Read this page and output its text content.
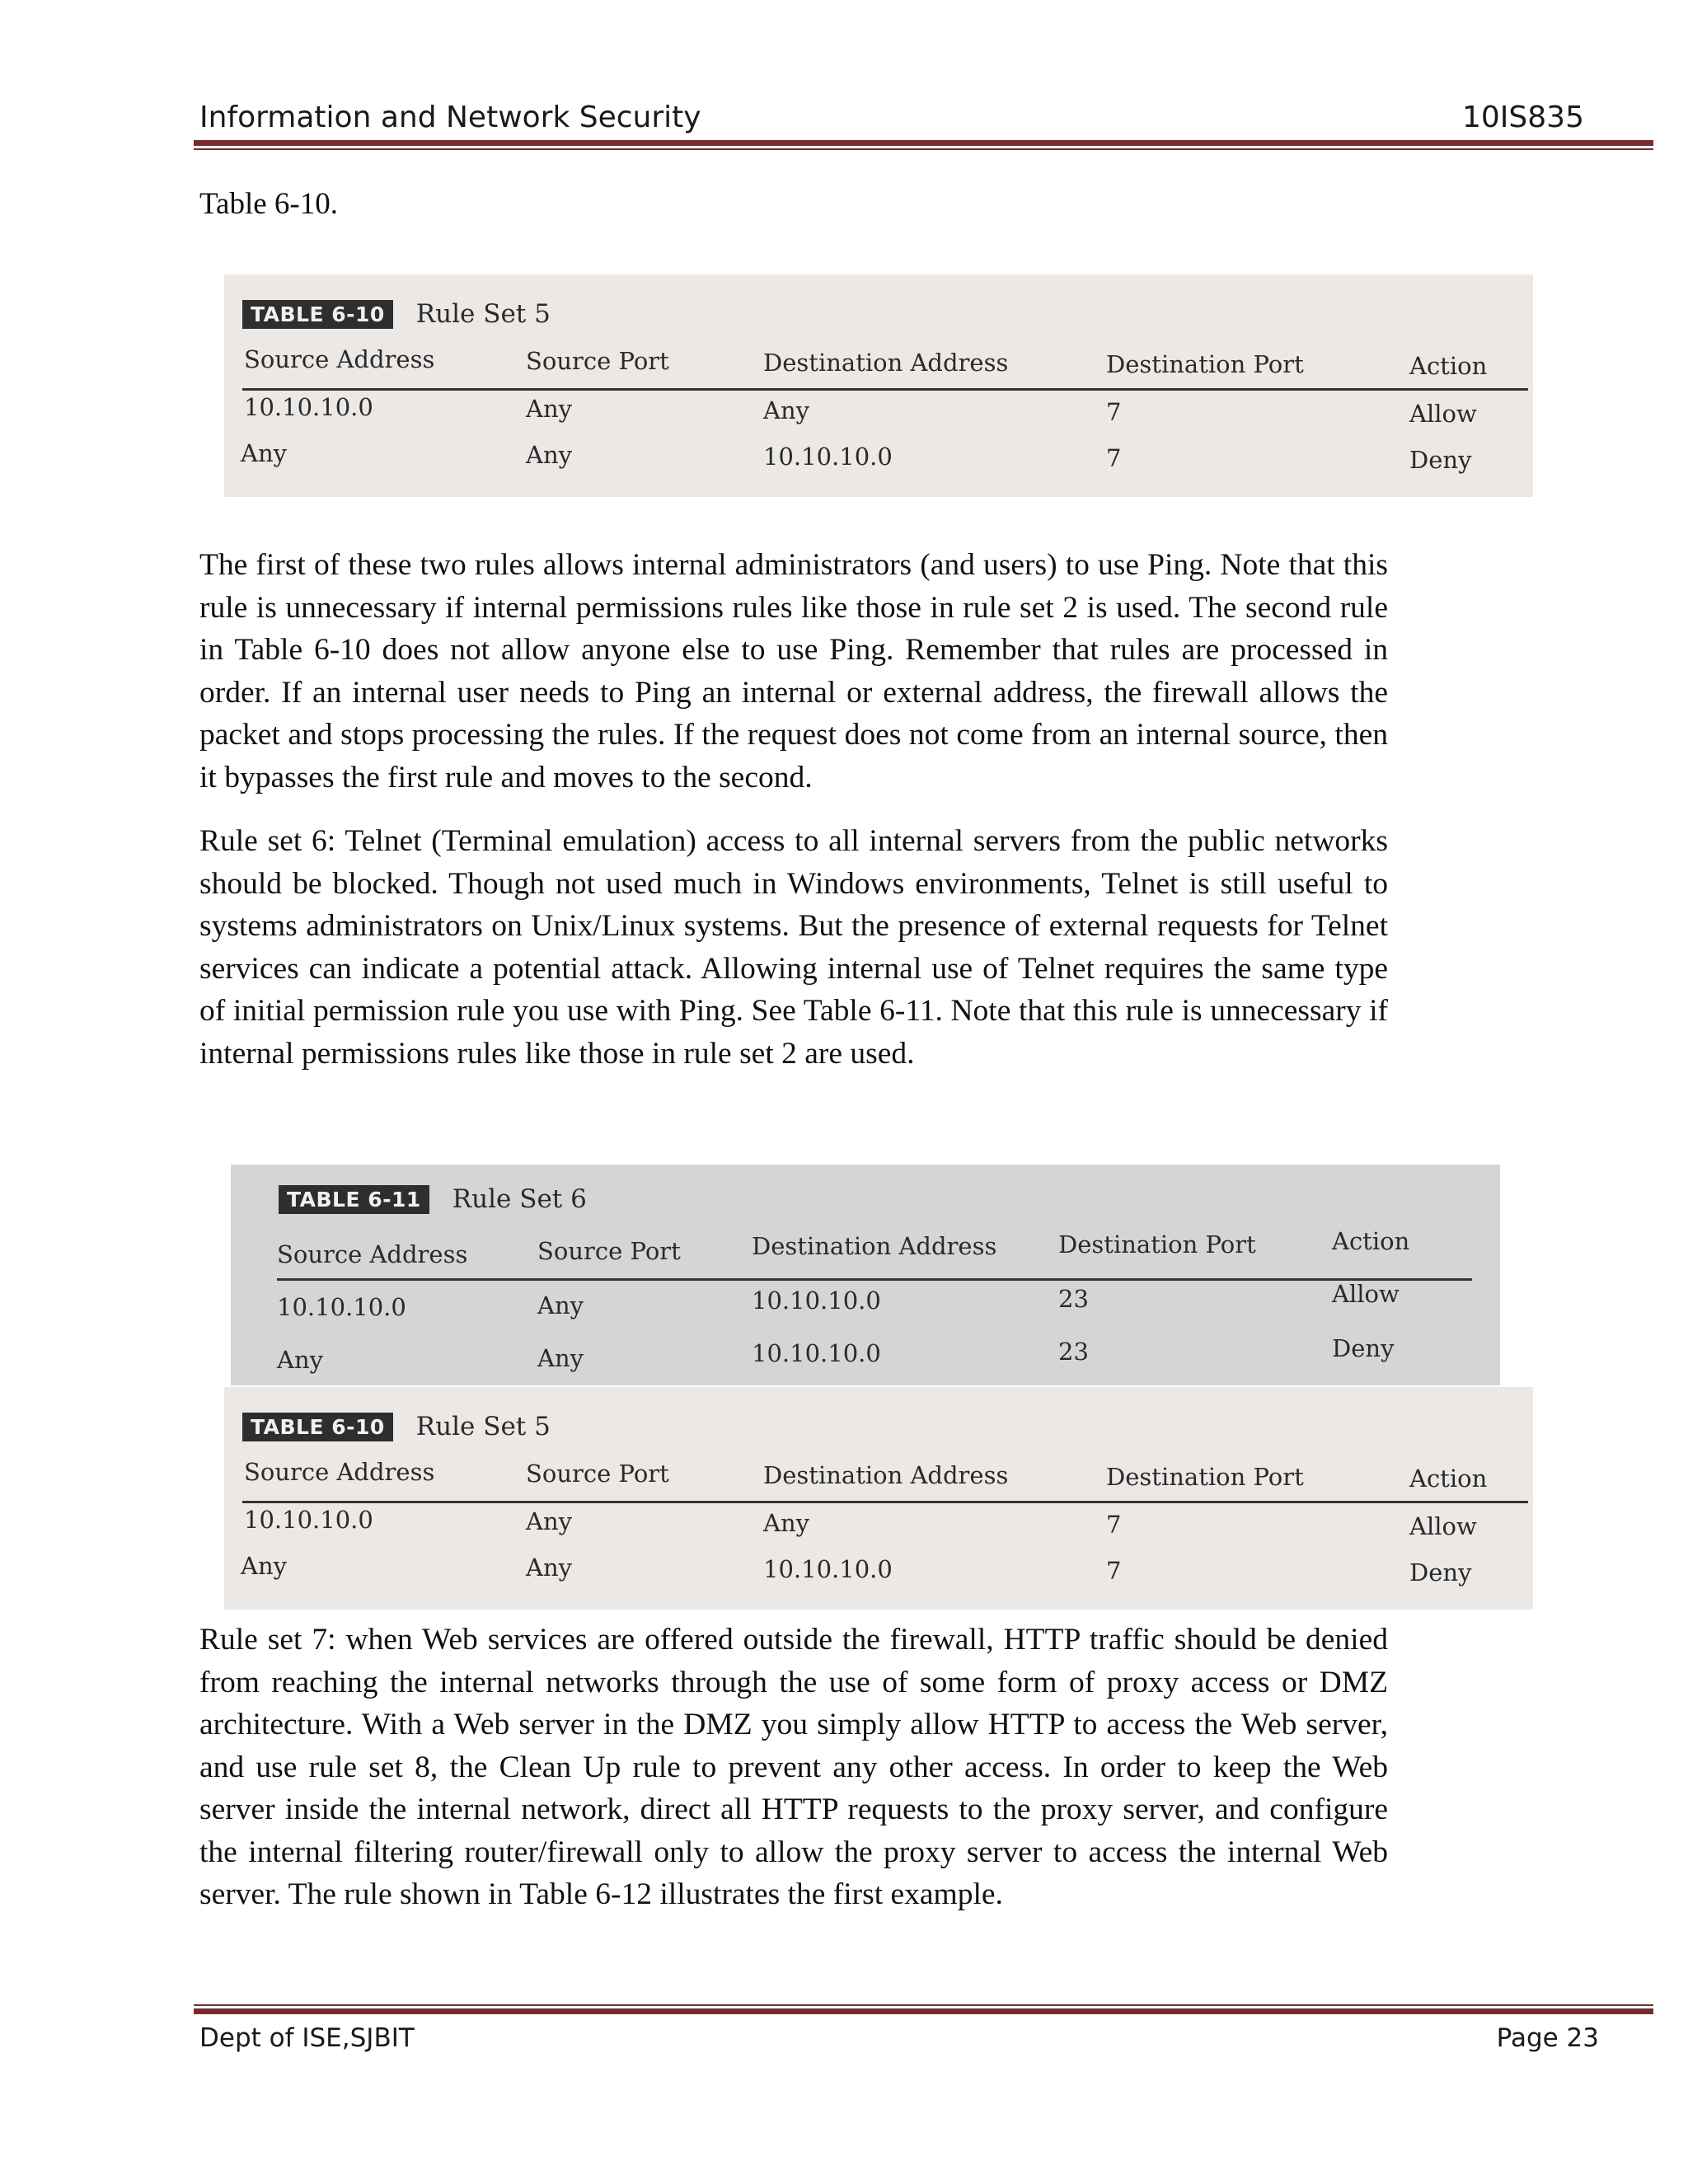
Information and Network Security	10IS835
Table 6-10.
TABLE 6-10	Rule Set 5
Source Address	Source Port	Destination Address	Destination Port	Action
10.10.10.0	Any	Any	7	Allow
Any	Any	10.10.10.0	7	Deny

The first of these two rules allows internal administrators (and users) to use Ping. Note that this rule is unnecessary if internal permissions rules like those in rule set 2 is used. The second rule in Table 6-10 does not allow anyone else to use Ping. Remember that rules are processed in order. If an internal user needs to Ping an internal or external address, the firewall allows the packet and stops processing the rules. If the request does not come from an internal source, then it bypasses the first rule and moves to the second.

Rule set 6: Telnet (Terminal emulation) access to all internal servers from the public networks should be blocked. Though not used much in Windows environments, Telnet is still useful to systems administrators on Unix/Linux systems. But the presence of external requests for Telnet services can indicate a potential attack. Allowing internal use of Telnet requires the same type of initial permission rule you use with Ping. See Table 6-11. Note that this rule is unnecessary if internal permissions rules like those in rule set 2 are used.

TABLE 6-11	Rule Set 6
Source Address	Source Port	Destination Address	Destination Port	Action
10.10.10.0	Any	10.10.10.0	23	Allow
Any	Any	10.10.10.0	23	Deny
TABLE 6-10	Rule Set 5
Source Address	Source Port	Destination Address	Destination Port	Action
10.10.10.0	Any	Any	7	Allow
Any	Any	10.10.10.0	7	Deny

Rule set 7: when Web services are offered outside the firewall, HTTP traffic should be denied from reaching the internal networks through the use of some form of proxy access or DMZ architecture. With a Web server in the DMZ you simply allow HTTP to access the Web server, and use rule set 8, the Clean Up rule to prevent any other access. In order to keep the Web server inside the internal network, direct all HTTP requests to the proxy server, and configure the internal filtering router/firewall only to allow the proxy server to access the internal Web server. The rule shown in Table 6-12 illustrates the first example.

Dept of ISE,SJBIT	Page 23
